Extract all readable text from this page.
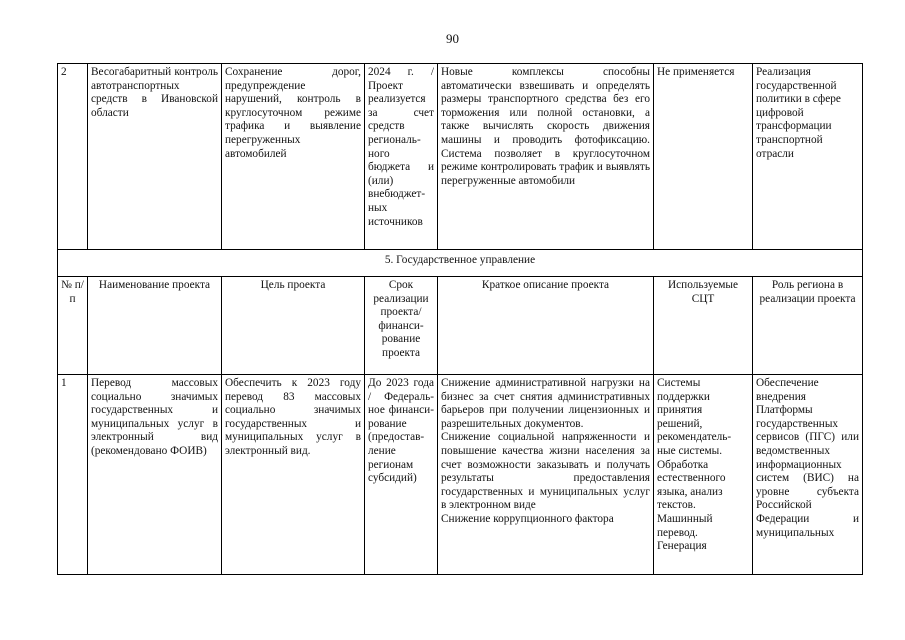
90
2	Весогабаритный контроль автотранспортных средств в Ивановской области	Сохранение дорог, предупреждение нарушений, контроль в круглосуточном режиме трафика и выявление перегруженных автомобилей	2024 г. / Проект реализуется за счет средств региональ-ного бюджета и (или) внебюджет-ных источников	Новые комплексы способны автоматически взвешивать и определять размеры транспортного средства без его торможения или полной остановки, а также вычислять скорость движения машины и проводить фотофиксацию. Система позволяет в круглосуточном режиме контролировать трафик и выявлять перегруженные автомобили	Не применяется	Реализация государственной политики в сфере цифровой трансформации транспортной отрасли
5. Государственное управление						
№ п/п	Наименование проекта	Цель проекта	Срок реализации проекта/ финанси-рование проекта	Краткое описание проекта	Используемые СЦТ	Роль региона в реализации проекта
1	Перевод массовых социально значимых государственных и муниципальных услуг в электронный вид (рекомендовано ФОИВ)	Обеспечить к 2023 году перевод 83 массовых социально значимых государственных и муниципальных услуг в электронный вид.	До 2023 года / Федераль-ное финанси-рование (предостав-ление регионам субсидий)	Снижение административной нагрузки на бизнес за счет снятия административных барьеров при получении лицензионных и разрешительных документов.
Снижение социальной напряженности и повышение качества жизни населения за счет возможности заказывать и получать результаты предоставления государственных и муниципальных услуг в электронном виде
Снижение коррупционного фактора	Системы поддержки принятия решений, рекомендатель-ные системы. Обработка естественного языка, анализ текстов. Машинный перевод. Генерация	Обеспечение внедрения Платформы государственных сервисов (ПГС) или ведомственных информационных систем (ВИС) на уровне субъекта Российской Федерации и муниципальных
